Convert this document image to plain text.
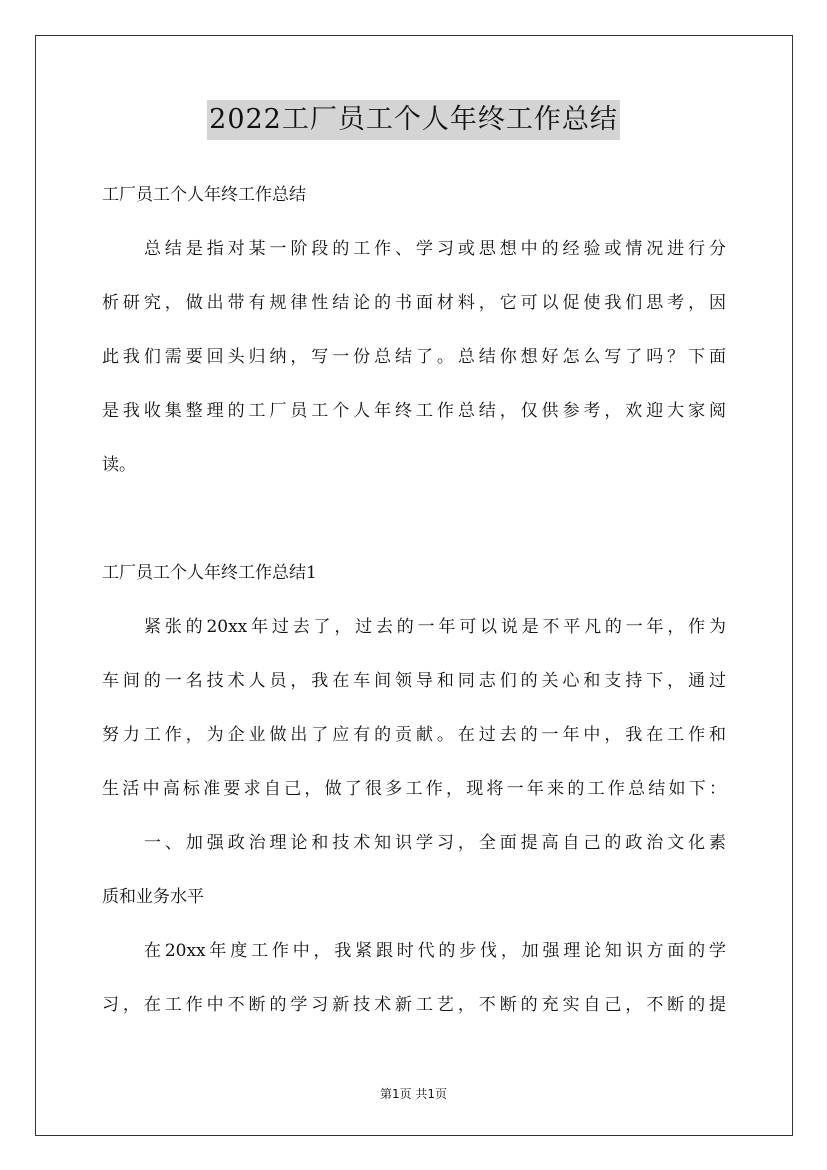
2022工厂员工个人年终工作总结
工厂员工个人年终工作总结
总结是指对某一阶段的工作、学习或思想中的经验或情况进行分
析研究，做出带有规律性结论的书面材料，它可以促使我们思考，因
此我们需要回头归纳，写一份总结了。总结你想好怎么写了吗？下面
是我收集整理的工厂员工个人年终工作总结，仅供参考，欢迎大家阅
读。
工厂员工个人年终工作总结1
紧张的20xx年过去了，过去的一年可以说是不平凡的一年，作为
车间的一名技术人员，我在车间领导和同志们的关心和支持下，通过
努力工作，为企业做出了应有的贡献。在过去的一年中，我在工作和
生活中高标准要求自己，做了很多工作，现将一年来的工作总结如下：
一、加强政治理论和技术知识学习，全面提高自己的政治文化素
质和业务水平
在20xx年度工作中，我紧跟时代的步伐，加强理论知识方面的学
习，在工作中不断的学习新技术新工艺，不断的充实自己，不断的提
第1页 共1页
